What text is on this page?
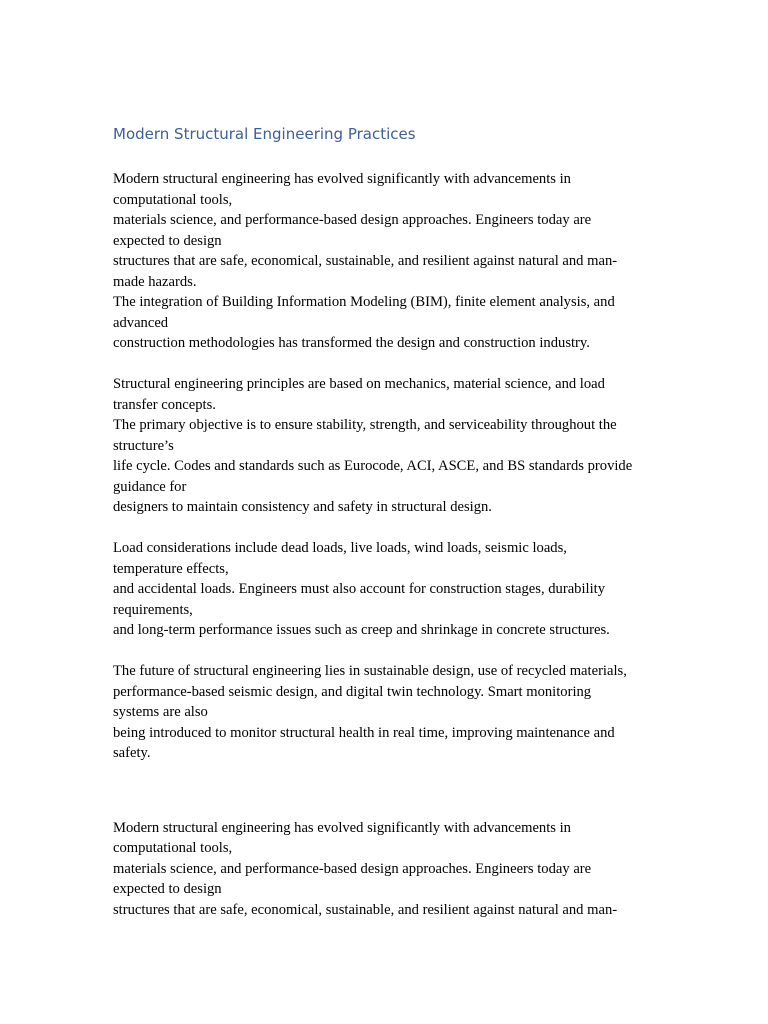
Modern Structural Engineering Practices
Modern structural engineering has evolved significantly with advancements in
computational tools,
materials science, and performance-based design approaches. Engineers today are
expected to design
structures that are safe, economical, sustainable, and resilient against natural and man-
made hazards.
The integration of Building Information Modeling (BIM), finite element analysis, and
advanced
construction methodologies has transformed the design and construction industry.
Structural engineering principles are based on mechanics, material science, and load
transfer concepts.
The primary objective is to ensure stability, strength, and serviceability throughout the
structure’s
life cycle. Codes and standards such as Eurocode, ACI, ASCE, and BS standards provide
guidance for
designers to maintain consistency and safety in structural design.
Load considerations include dead loads, live loads, wind loads, seismic loads,
temperature effects,
and accidental loads. Engineers must also account for construction stages, durability
requirements,
and long-term performance issues such as creep and shrinkage in concrete structures.
The future of structural engineering lies in sustainable design, use of recycled materials,
performance-based seismic design, and digital twin technology. Smart monitoring
systems are also
being introduced to monitor structural health in real time, improving maintenance and
safety.
Modern structural engineering has evolved significantly with advancements in
computational tools,
materials science, and performance-based design approaches. Engineers today are
expected to design
structures that are safe, economical, sustainable, and resilient against natural and man-
